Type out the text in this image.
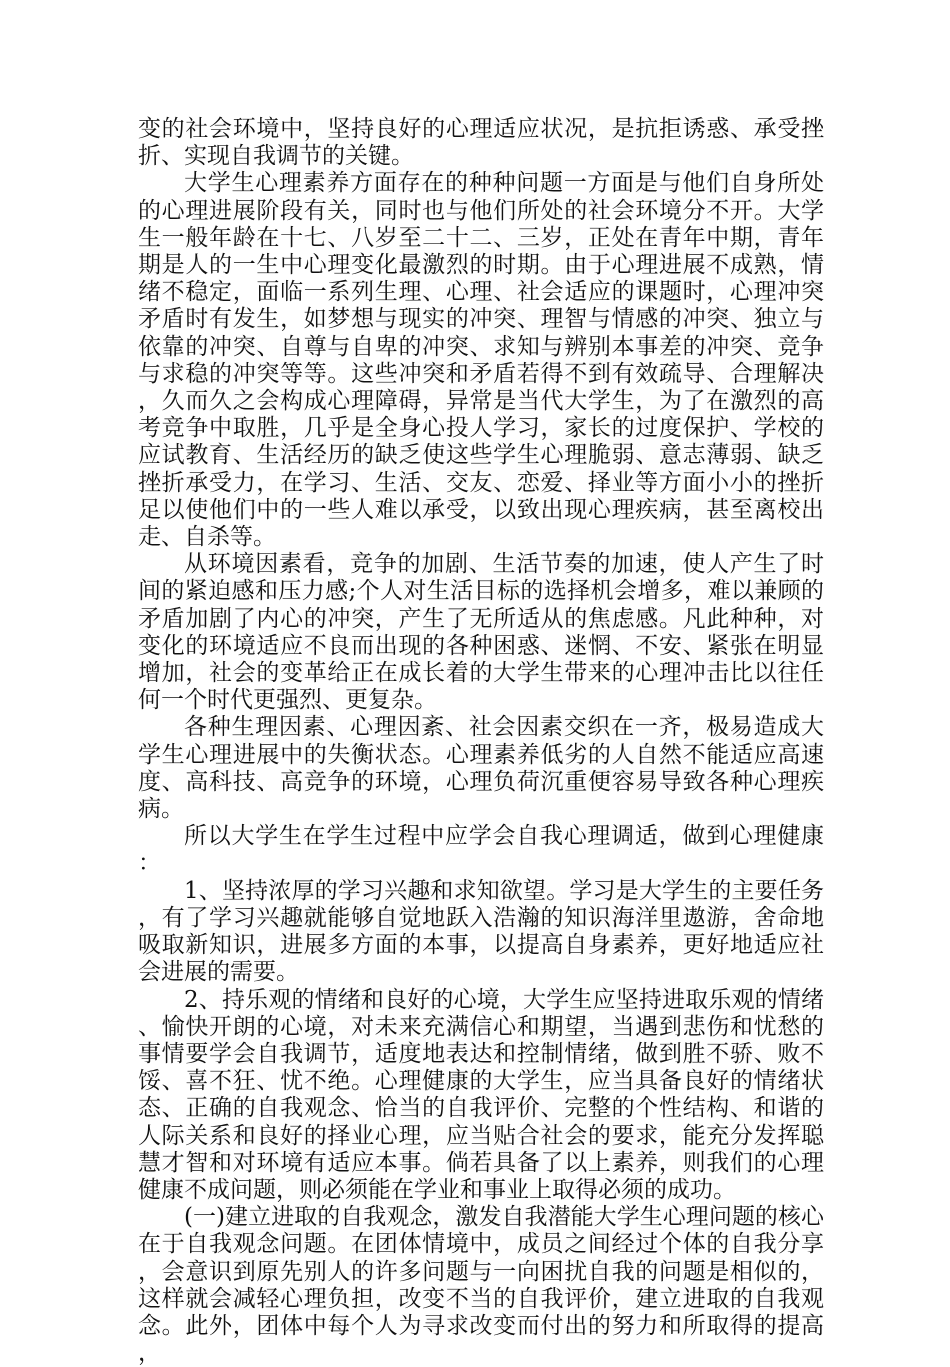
变的社会环境中，坚持良好的心理适应状况，是抗拒诱惑、承受挫折、实现自我调节的关键。

大学生心理素养方面存在的种种问题一方面是与他们自身所处的心理进展阶段有关，同时也与他们所处的社会环境分不开。大学生一般年龄在十七、八岁至二十二、三岁，正处在青年中期，青年期是人的一生中心理变化最激烈的时期。由于心理进展不成熟，情绪不稳定，面临一系列生理、心理、社会适应的课题时，心理冲突矛盾时有发生，如梦想与现实的冲突、理智与情感的冲突、独立与依靠的冲突、自尊与自卑的冲突、求知与辨别本事差的冲突、竞争与求稳的冲突等等。这些冲突和矛盾若得不到有效疏导、合理解决，久而久之会构成心理障碍，异常是当代大学生，为了在激烈的高考竞争中取胜，几乎是全身心投人学习，家长的过度保护、学校的应试教育、生活经历的缺乏使这些学生心理脆弱、意志薄弱、缺乏挫折承受力，在学习、生活、交友、恋爱、择业等方面小小的挫折足以使他们中的一些人难以承受，以致出现心理疾病，甚至离校出走、自杀等。

从环境因素看，竞争的加剧、生活节奏的加速，使人产生了时间的紧迫感和压力感;个人对生活目标的选择机会增多，难以兼顾的矛盾加剧了内心的冲突，产生了无所适从的焦虑感。凡此种种，对变化的环境适应不良而出现的各种困惑、迷惘、不安、紧张在明显增加，社会的变革给正在成长着的大学生带来的心理冲击比以往任何一个时代更强烈、更复杂。

各种生理因素、心理因紊、社会因素交织在一齐，极易造成大学生心理进展中的失衡状态。心理素养低劣的人自然不能适应高速度、高科技、高竞争的环境，心理负荷沉重便容易导致各种心理疾病。

所以大学生在学生过程中应学会自我心理调适，做到心理健康：

1、坚持浓厚的学习兴趣和求知欲望。学习是大学生的主要任务，有了学习兴趣就能够自觉地跃入浩瀚的知识海洋里遨游，舍命地吸取新知识，进展多方面的本事，以提高自身素养，更好地适应社会进展的需要。

2、持乐观的情绪和良好的心境，大学生应坚持进取乐观的情绪、愉快开朗的心境，对未来充满信心和期望，当遇到悲伤和忧愁的事情要学会自我调节，适度地表达和控制情绪，做到胜不骄、败不馁、喜不狂、忧不绝。心理健康的大学生，应当具备良好的情绪状态、正确的自我观念、恰当的自我评价、完整的个性结构、和谐的人际关系和良好的择业心理，应当贴合社会的要求，能充分发挥聪慧才智和对环境有适应本事。倘若具备了以上素养，则我们的心理健康不成问题，则必须能在学业和事业上取得必须的成功。

(一)建立进取的自我观念，激发自我潜能大学生心理问题的核心在于自我观念问题。在团体情境中，成员之间经过个体的自我分享，会意识到原先别人的许多问题与一向困扰自我的问题是相似的，这样就会减轻心理负担，改变不当的自我评价，建立进取的自我观念。此外，团体中每个人为寻求改变而付出的努力和所取得的提高，
